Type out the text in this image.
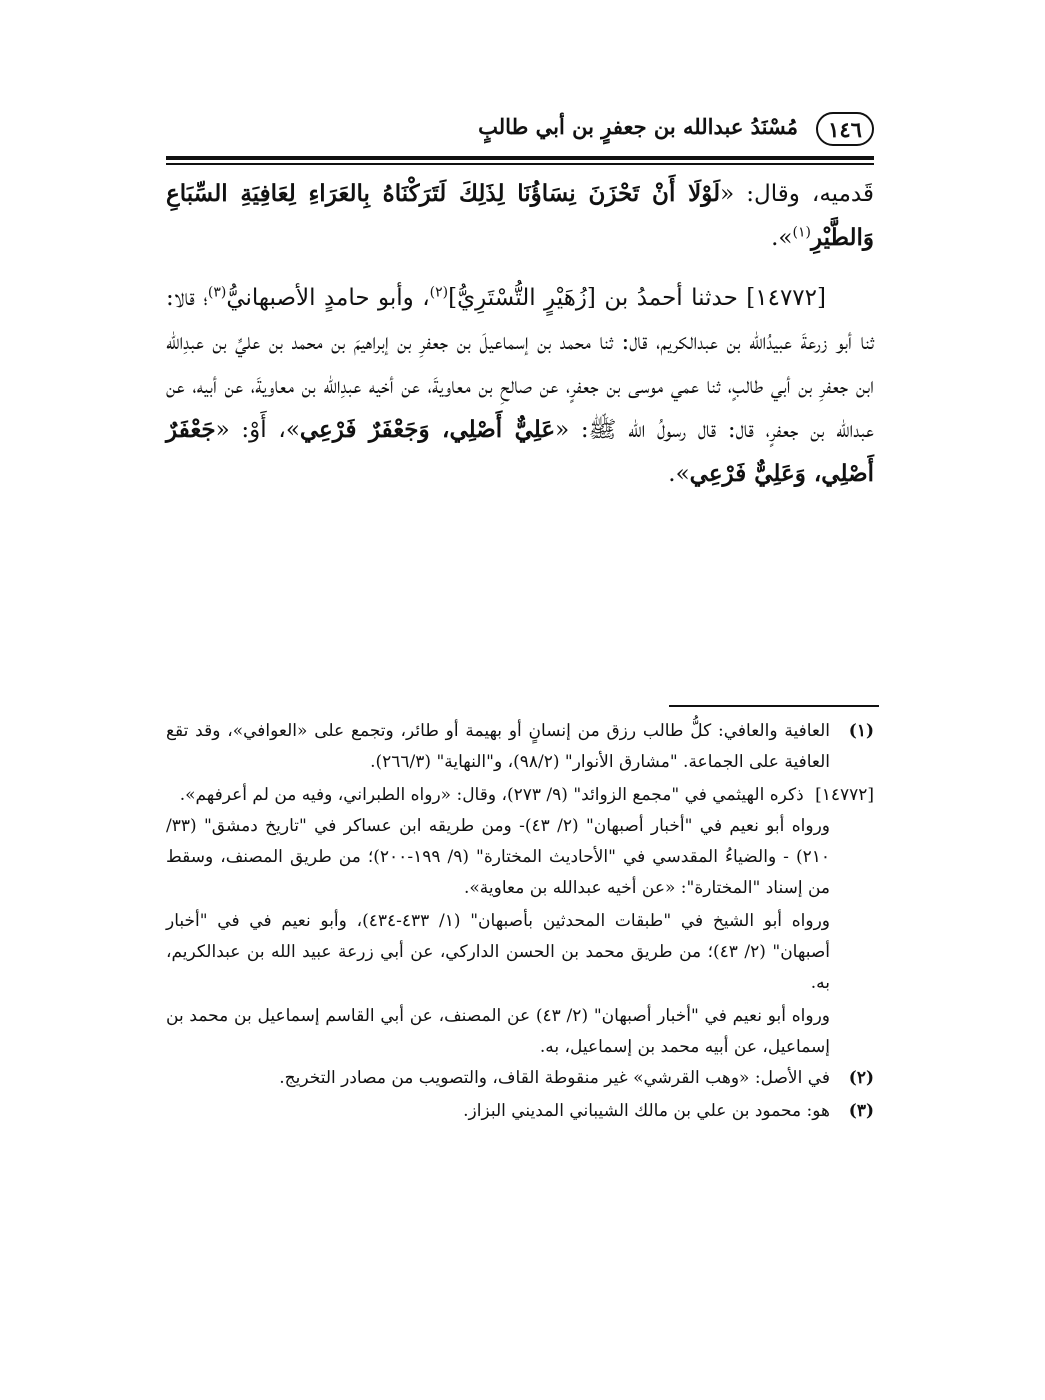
١٤٦
مُسْنَدُ عبدالله بن جعفرٍ بن أبي طالبٍ

قَدميه، وقال: «لَوْلَا أَنْ تَحْزَنَ نِسَاؤُنَا لِذَلِكَ لَتَرَكْنَاهُ بِالعَرَاءِ لِعَافِيَةِ السِّبَاعِ وَالطَّيْرِ$^{(١)}$».

[١٤٧٧٢] حدثنا أحمدُ بن [زُهَيْرٍ التُّسْتَرِيُّ]$^{(٢)}$، وأبو حامدٍ الأصبهانيُّ$^{(٣)}$؛ قالا: ثنا أبو زرعةَ عبيدُالله بن عبدالكريم، قال: ثنا محمد بن إسماعيلَ بن جعفرِ بن إبراهيمَ بن محمد بن عليِّ بن عبدِالله ابن جعفرِ بن أبي طالبٍ، ثنا عمي موسى بن جعفرٍ، عن صالحِ بن معاويةَ، عن أخيه عبدِالله بن معاويةَ، عن أبيه، عن عبدالله بن جعفرٍ، قال: قال رسولُ الله ﷺ: «عَلِيٌّ أَصْلِي، وَجَعْفَرٌ فَرْعِي»، أَوْ: «جَعْفَرٌ أَصْلِي، وَعَلِيٌّ فَرْعِي».

(١)

العافية والعافي: كلُّ طالب رزق من إنسانٍ أو بهيمة أو طائر، وتجمع على «العوافي»، وقد تقع العافية على الجماعة. "مشارق الأنوار" (٩٨/٢)، و"النهاية" (٢٦٦/٣).

[١٤٧٧٢] ذكره الهيثمي في "مجمع الزوائد" (٩/ ٢٧٣)، وقال: «رواه الطبراني، وفيه من لم أعرفهم».

ورواه أبو نعيم في "أخبار أصبهان" (٢/ ٤٣)- ومن طريقه ابن عساكر في "تاريخ دمشق" (٣٣/ ٢١٠) - والضياءُ المقدسي في "الأحاديث المختارة" (٩/ ١٩٩-٢٠٠)؛ من طريق المصنف، وسقط من إسناد "المختارة": «عن أخيه عبدالله بن معاوية».

ورواه أبو الشيخ في "طبقات المحدثين بأصبهان" (١/ ٤٣٣-٤٣٤)، وأبو نعيم في في "أخبار أصبهان" (٢/ ٤٣)؛ من طريق محمد بن الحسن الداركي، عن أبي زرعة عبيد الله بن عبدالكريم، به.

ورواه أبو نعيم في "أخبار أصبهان" (٢/ ٤٣) عن المصنف، عن أبي القاسم إسماعيل بن محمد بن إسماعيل، عن أبيه محمد بن إسماعيل، به.

(٢)

في الأصل: «وهب القرشي» غير منقوطة القاف، والتصويب من مصادر التخريج.

(٣)

هو: محمود بن علي بن مالك الشيباني المديني البزاز.
